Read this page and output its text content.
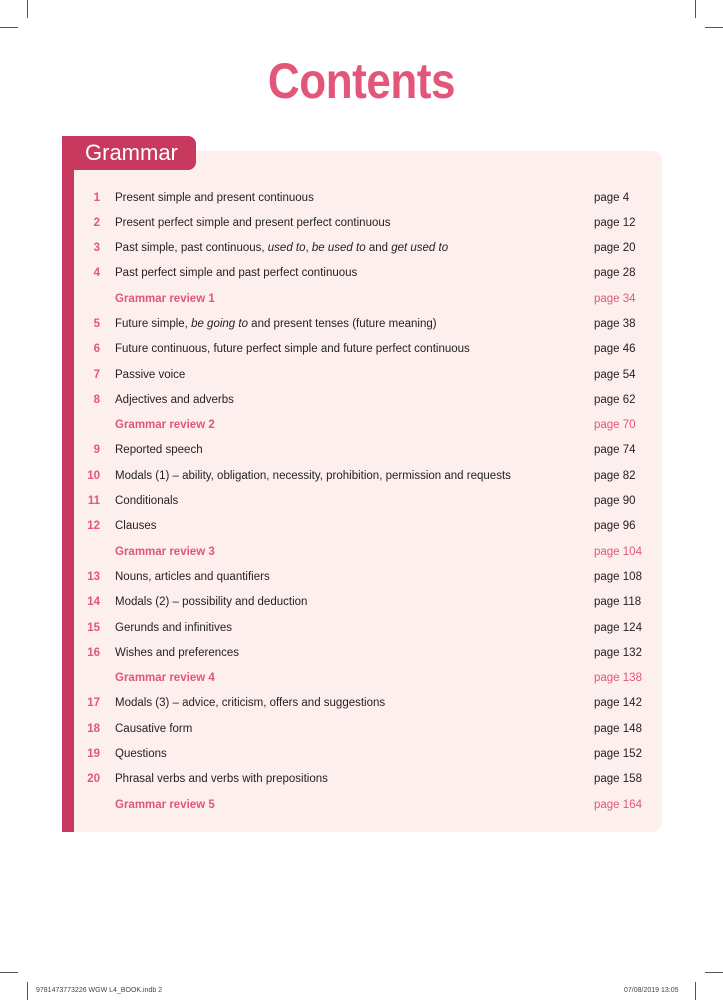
Contents
Grammar
1 Present simple and present continuous	page 4
2 Present perfect simple and present perfect continuous	page 12
3 Past simple, past continuous, used to, be used to and get used to	page 20
4 Past perfect simple and past perfect continuous	page 28
Grammar review 1	page 34
5 Future simple, be going to and present tenses (future meaning)	page 38
6 Future continuous, future perfect simple and future perfect continuous	page 46
7 Passive voice	page 54
8 Adjectives and adverbs	page 62
Grammar review 2	page 70
9 Reported speech	page 74
10 Modals (1) – ability, obligation, necessity, prohibition, permission and requests	page 82
11 Conditionals	page 90
12 Clauses	page 96
Grammar review 3	page 104
13 Nouns, articles and quantifiers	page 108
14 Modals (2) – possibility and deduction	page 118
15 Gerunds and infinitives	page 124
16 Wishes and preferences	page 132
Grammar review 4	page 138
17 Modals (3) – advice, criticism, offers and suggestions	page 142
18 Causative form	page 148
19 Questions	page 152
20 Phrasal verbs and verbs with prepositions	page 158
Grammar review 5	page 164
9781473773226 WGW L4_BOOK.indb 2	07/08/2019 13:05
